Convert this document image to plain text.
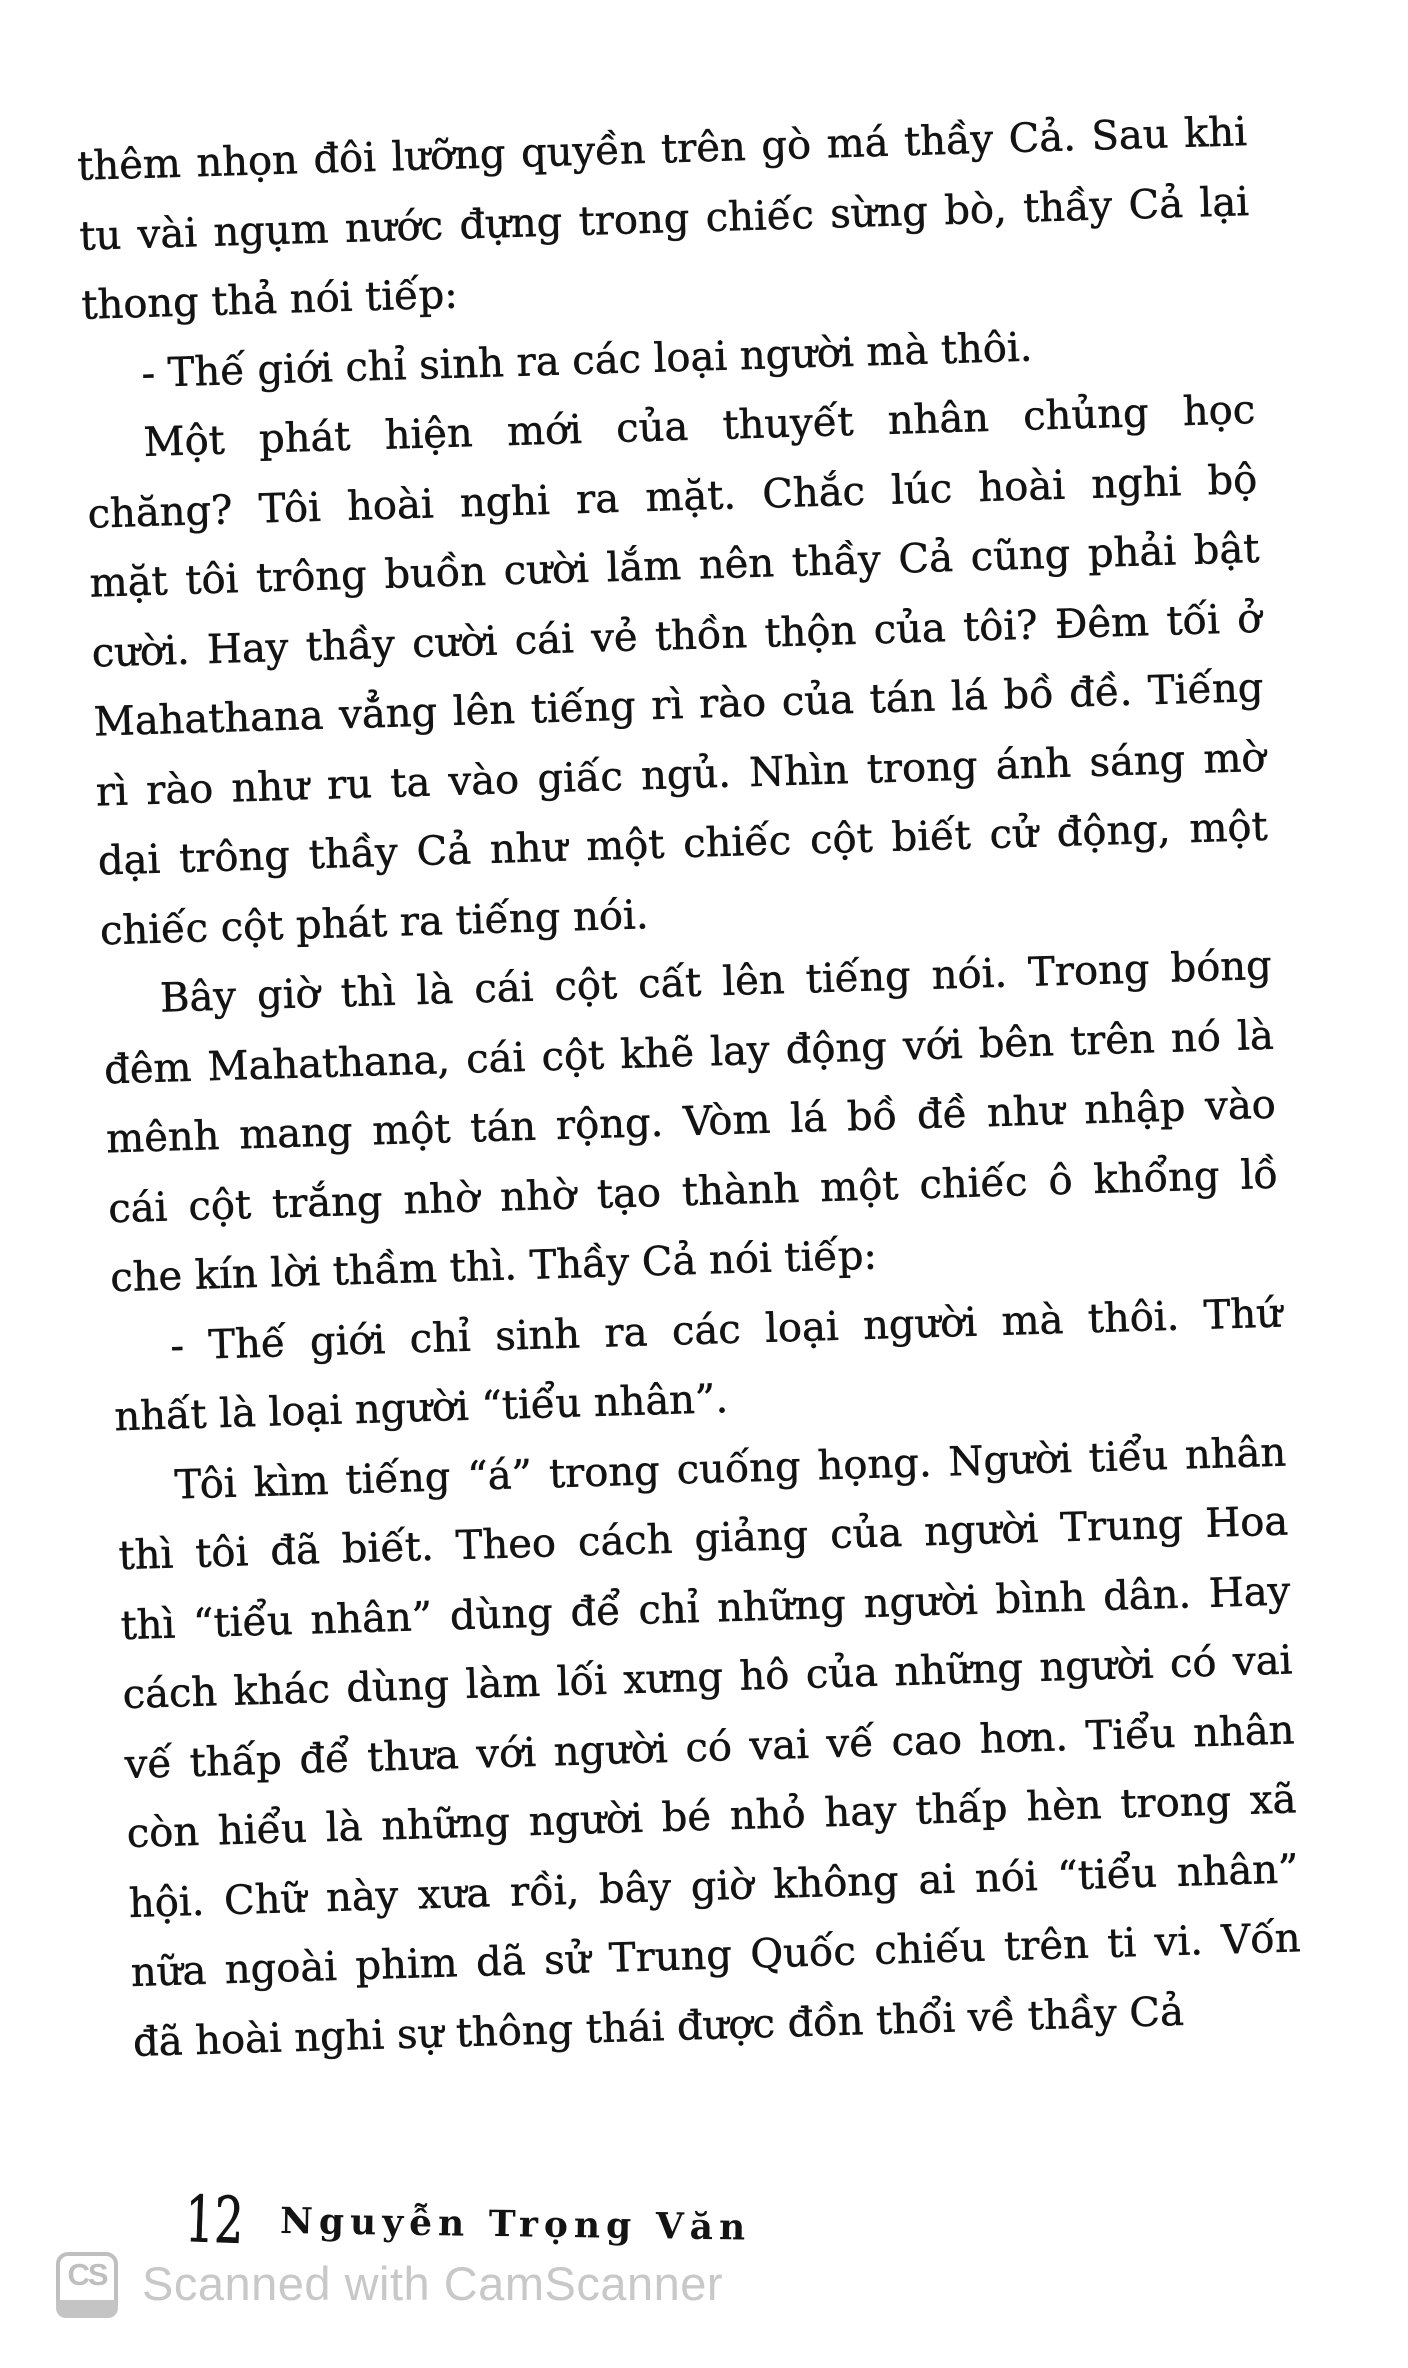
thêm nhọn đôi lưỡng quyền trên gò má thầy Cả. Sau khi
tu vài ngụm nước đựng trong chiếc sừng bò, thầy Cả lại
thong thả nói tiếp:
- Thế giới chỉ sinh ra các loại người mà thôi.
Một phát hiện mới của thuyết nhân chủng học
chăng? Tôi hoài nghi ra mặt. Chắc lúc hoài nghi bộ
mặt tôi trông buồn cười lắm nên thầy Cả cũng phải bật
cười. Hay thầy cười cái vẻ thồn thộn của tôi? Đêm tối ở
Mahathana vẳng lên tiếng rì rào của tán lá bồ đề. Tiếng
rì rào như ru ta vào giấc ngủ. Nhìn trong ánh sáng mờ
dại trông thầy Cả như một chiếc cột biết cử động, một
chiếc cột phát ra tiếng nói.
Bây giờ thì là cái cột cất lên tiếng nói. Trong bóng
đêm Mahathana, cái cột khẽ lay động với bên trên nó là
mênh mang một tán rộng. Vòm lá bồ đề như nhập vào
cái cột trắng nhờ nhờ tạo thành một chiếc ô khổng lồ
che kín lời thầm thì. Thầy Cả nói tiếp:
- Thế giới chỉ sinh ra các loại người mà thôi. Thứ
nhất là loại người “tiểu nhân”.
Tôi kìm tiếng “á” trong cuống họng. Người tiểu nhân
thì tôi đã biết. Theo cách giảng của người Trung Hoa
thì “tiểu nhân” dùng để chỉ những người bình dân. Hay
cách khác dùng làm lối xưng hô của những người có vai
vế thấp để thưa với người có vai vế cao hơn. Tiểu nhân
còn hiểu là những người bé nhỏ hay thấp hèn trong xã
hội. Chữ này xưa rồi, bây giờ không ai nói “tiểu nhân”
nữa ngoài phim dã sử Trung Quốc chiếu trên ti vi. Vốn
đã hoài nghi sự thông thái được đồn thổi về thầy Cả
12 Nguyễn Trọng Văn
CS Scanned with CamScanner
